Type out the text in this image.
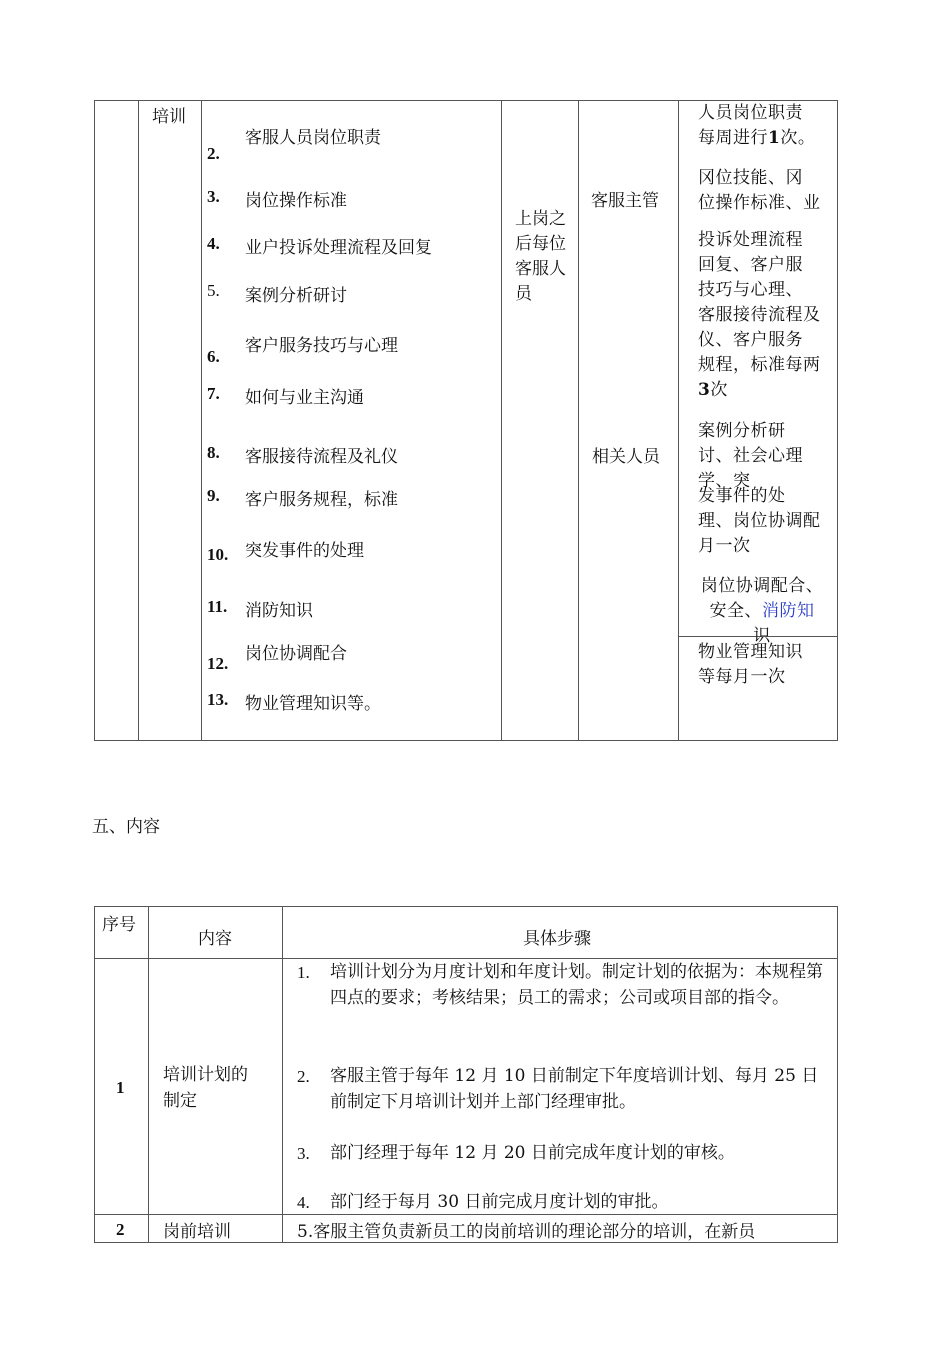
培训
2.
客服人员岗位职责
3. 岗位操作标准
4. 业户投诉处理流程及回复
5. 案例分析研讨
6.
客户服务技巧与心理
7. 如何与业主沟通
8. 客服接待流程及礼仪
9. 客户服务规程，标准
10. 突发事件的处理
11. 消防知识
12. 岗位协调配合
13. 物业管理知识等。
上岗之
后每位
客服人
员
客服主管
相关人员
人员岗位职责
每周进行1次。
冈位技能、冈
位操作标准、业
投诉处理流程
回复、客户服
技巧与心理、
客服接待流程及
仪、客户服务
规程，标准每两
3次
案例分析研
讨、社会心理
学、突
发事件的处
理、岗位协调配
月一次
岗位协调配合、
安全、消防知
识
物业管理知识
等每月一次
五、内容
序号
内容	具体步骤
1
培训计划的
制定
1. 培训计划分为月度计划和年度计划。制定计划的依据为：本规程第四点的要求；考核结果；员工的需求；公司或项目部的指令。
2. 客服主管于每年 12 月 10 日前制定下年度培训计划、每月 25 日前制定下月培训计划并上部门经理审批。
3. 部门经理于每年 12 月 20 日前完成年度计划的审核。
4. 部门经于每月 30 日前完成月度计划的审批。
2 岗前培训	5.客服主管负责新员工的岗前培训的理论部分的培训，在新员
